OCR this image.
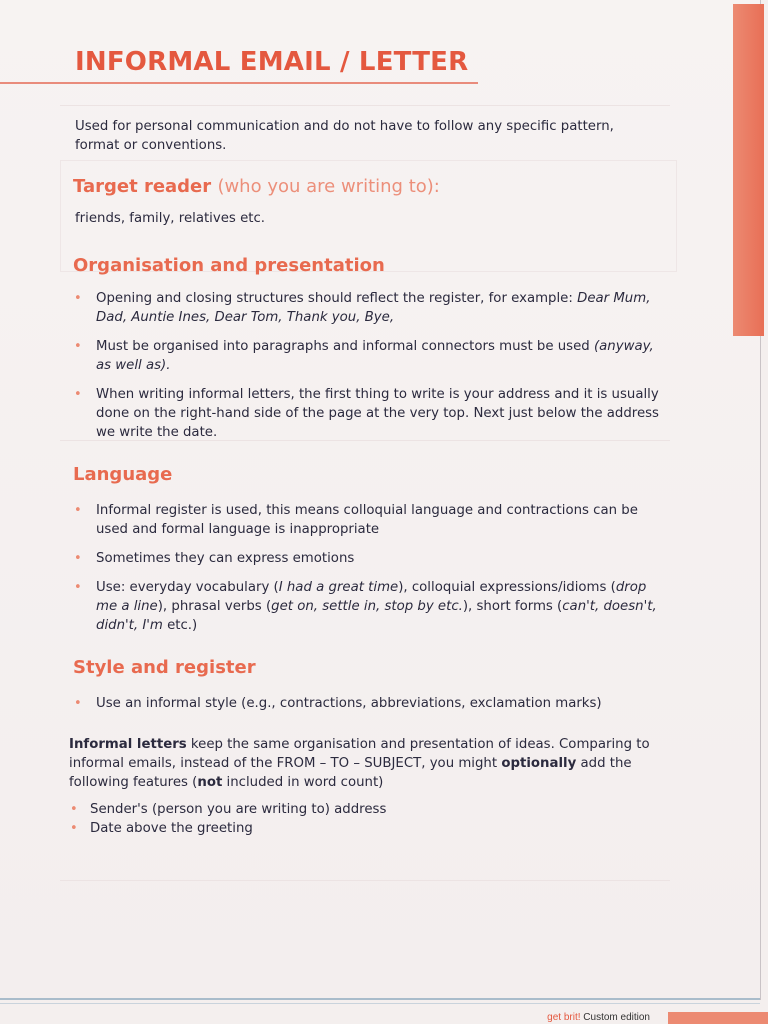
INFORMAL EMAIL / LETTER

Used for personal communication and do not have to follow any specific pattern, format or conventions.

Target reader (who you are writing to):

friends, family, relatives etc.

Organisation and presentation
• Opening and closing structures should reflect the register, for example: Dear Mum, Dad, Auntie Ines, Dear Tom, Thank you, Bye,
• Must be organised into paragraphs and informal connectors must be used (anyway, as well as).
• When writing informal letters, the first thing to write is your address and it is usually done on the right-hand side of the page at the very top. Next just below the address we write the date.
Language
• Informal register is used, this means colloquial language and contractions can be used and formal language is inappropriate
• Sometimes they can express emotions
• Use: everyday vocabulary (I had a great time), colloquial expressions/idioms (drop me a line), phrasal verbs (get on, settle in, stop by etc.), short forms (can't, doesn't, didn't, I'm etc.)
Style and register
• Use an informal style (e.g., contractions, abbreviations, exclamation marks)

Informal letters keep the same organisation and presentation of ideas. Comparing to informal emails, instead of the FROM – TO – SUBJECT, you might optionally add the following features (not included in word count)

• Sender's (person you are writing to) address
• Date above the greeting
get brit! Custom edition
